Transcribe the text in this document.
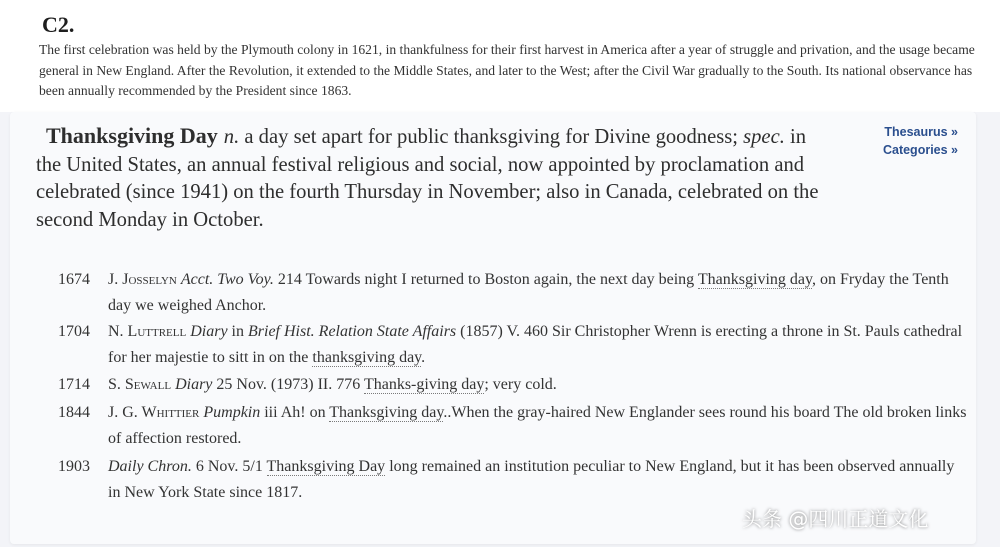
C2.
The first celebration was held by the Plymouth colony in 1621, in thankfulness for their first harvest in America after a year of struggle and privation, and the usage became general in New England. After the Revolution, it extended to the Middle States, and later to the West; after the Civil War gradually to the South. Its national observance has been annually recommended by the President since 1863.
Thanksgiving Day n. a day set apart for public thanksgiving for Divine goodness; spec. in the United States, an annual festival religious and social, now appointed by proclamation and celebrated (since 1941) on the fourth Thursday in November; also in Canada, celebrated on the second Monday in October.
Thesaurus »
Categories »
1674 J. Josselyn Acct. Two Voy. 214 Towards night I returned to Boston again, the next day being Thanksgiving day, on Fryday the Tenth day we weighed Anchor.
1704 N. Luttrell Diary in Brief Hist. Relation State Affairs (1857) V. 460 Sir Christopher Wrenn is erecting a throne in St. Pauls cathedral for her majestie to sitt in on the thanksgiving day.
1714 S. Sewall Diary 25 Nov. (1973) II. 776 Thanks-giving day; very cold.
1844 J. G. Whittier Pumpkin iii Ah! on Thanksgiving day..When the gray-haired New Englander sees round his board The old broken links of affection restored.
1903 Daily Chron. 6 Nov. 5/1 Thanksgiving Day long remained an institution peculiar to New England, but it has been observed annually in New York State since 1817.
头条 @四川正道文化
